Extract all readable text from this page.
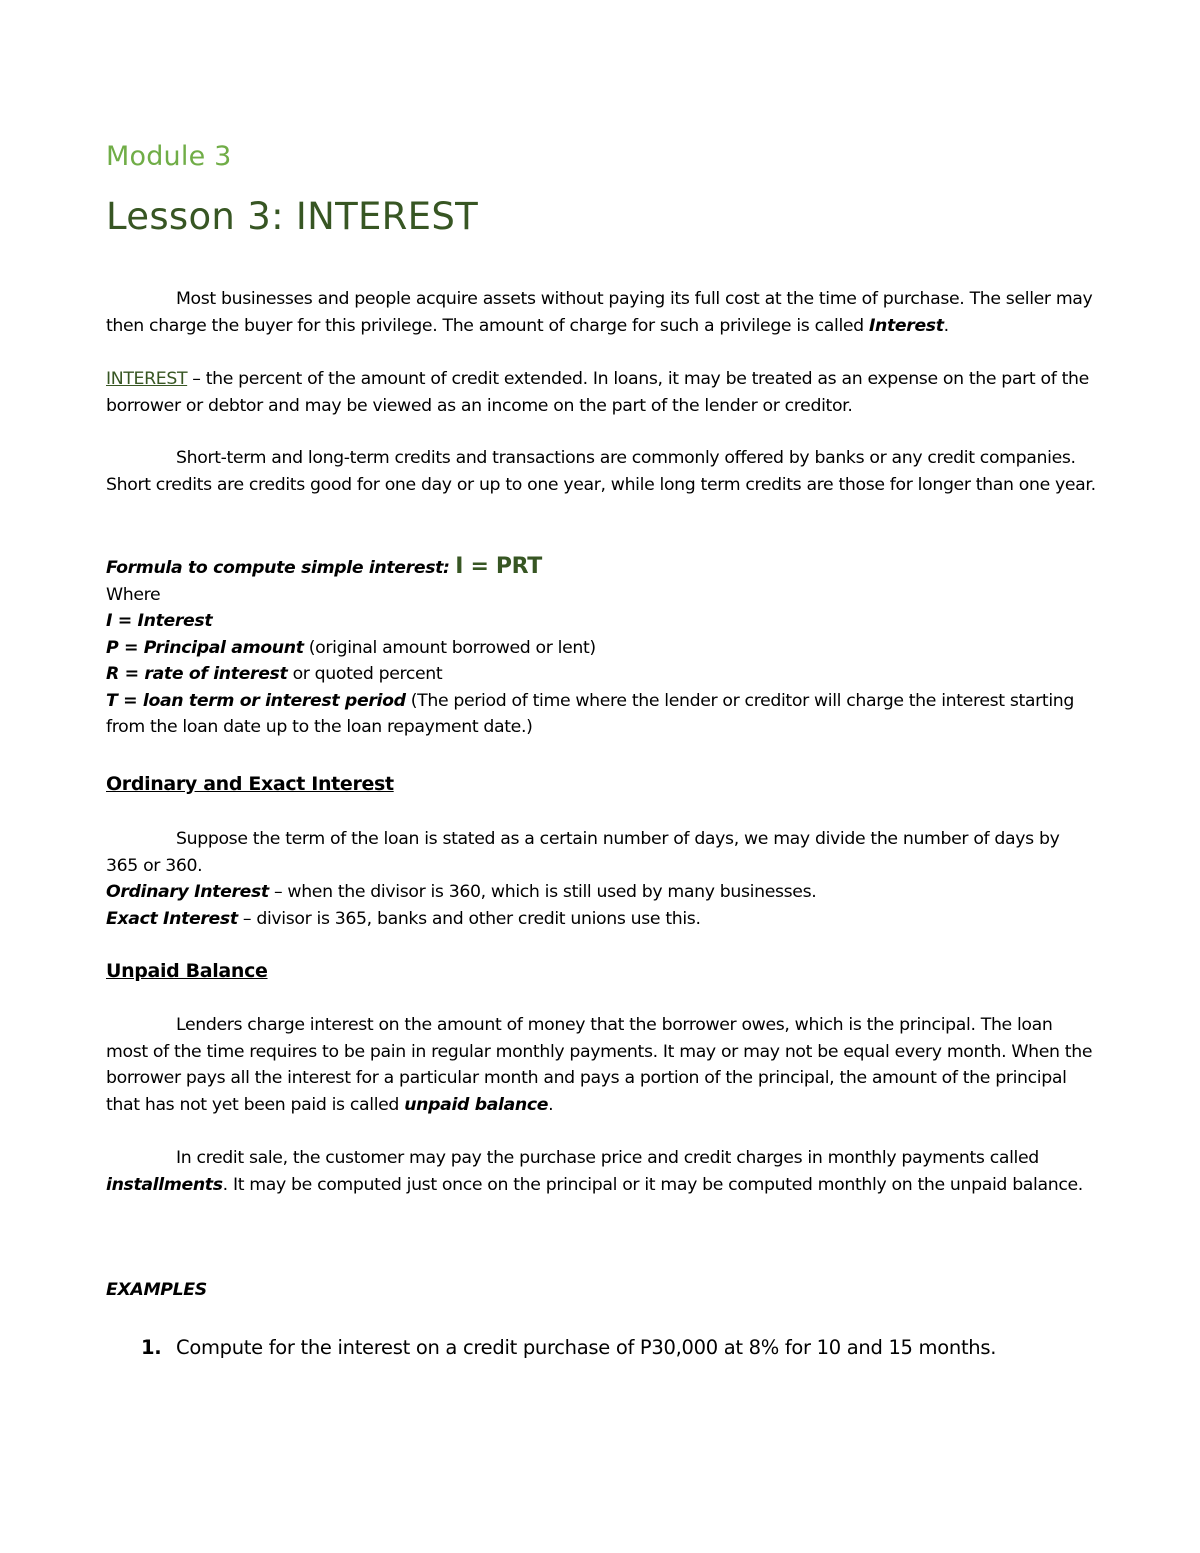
Module 3
Lesson 3: INTEREST

Most businesses and people acquire assets without paying its full cost at the time of purchase. The seller may then charge the buyer for this privilege. The amount of charge for such a privilege is called Interest.

INTEREST – the percent of the amount of credit extended. In loans, it may be treated as an expense on the part of the borrower or debtor and may be viewed as an income on the part of the lender or creditor.

Short-term and long-term credits and transactions are commonly offered by banks or any credit companies. Short credits are credits good for one day or up to one year, while long term credits are those for longer than one year.

Formula to compute simple interest: I = PRT
Where
I = Interest
P = Principal amount (original amount borrowed or lent)
R = rate of interest or quoted percent
T = loan term or interest period (The period of time where the lender or creditor will charge the interest starting from the loan date up to the loan repayment date.)
Ordinary and Exact Interest

Suppose the term of the loan is stated as a certain number of days, we may divide the number of days by 365 or 360.

Ordinary Interest – when the divisor is 360, which is still used by many businesses.
Exact Interest – divisor is 365, banks and other credit unions use this.
Unpaid Balance

Lenders charge interest on the amount of money that the borrower owes, which is the principal. The loan most of the time requires to be pain in regular monthly payments. It may or may not be equal every month. When the borrower pays all the interest for a particular month and pays a portion of the principal, the amount of the principal that has not yet been paid is called unpaid balance.

In credit sale, the customer may pay the purchase price and credit charges in monthly payments called installments. It may be computed just once on the principal or it may be computed monthly on the unpaid balance.

EXAMPLES
1. Compute for the interest on a credit purchase of P30,000 at 8% for 10 and 15 months.
